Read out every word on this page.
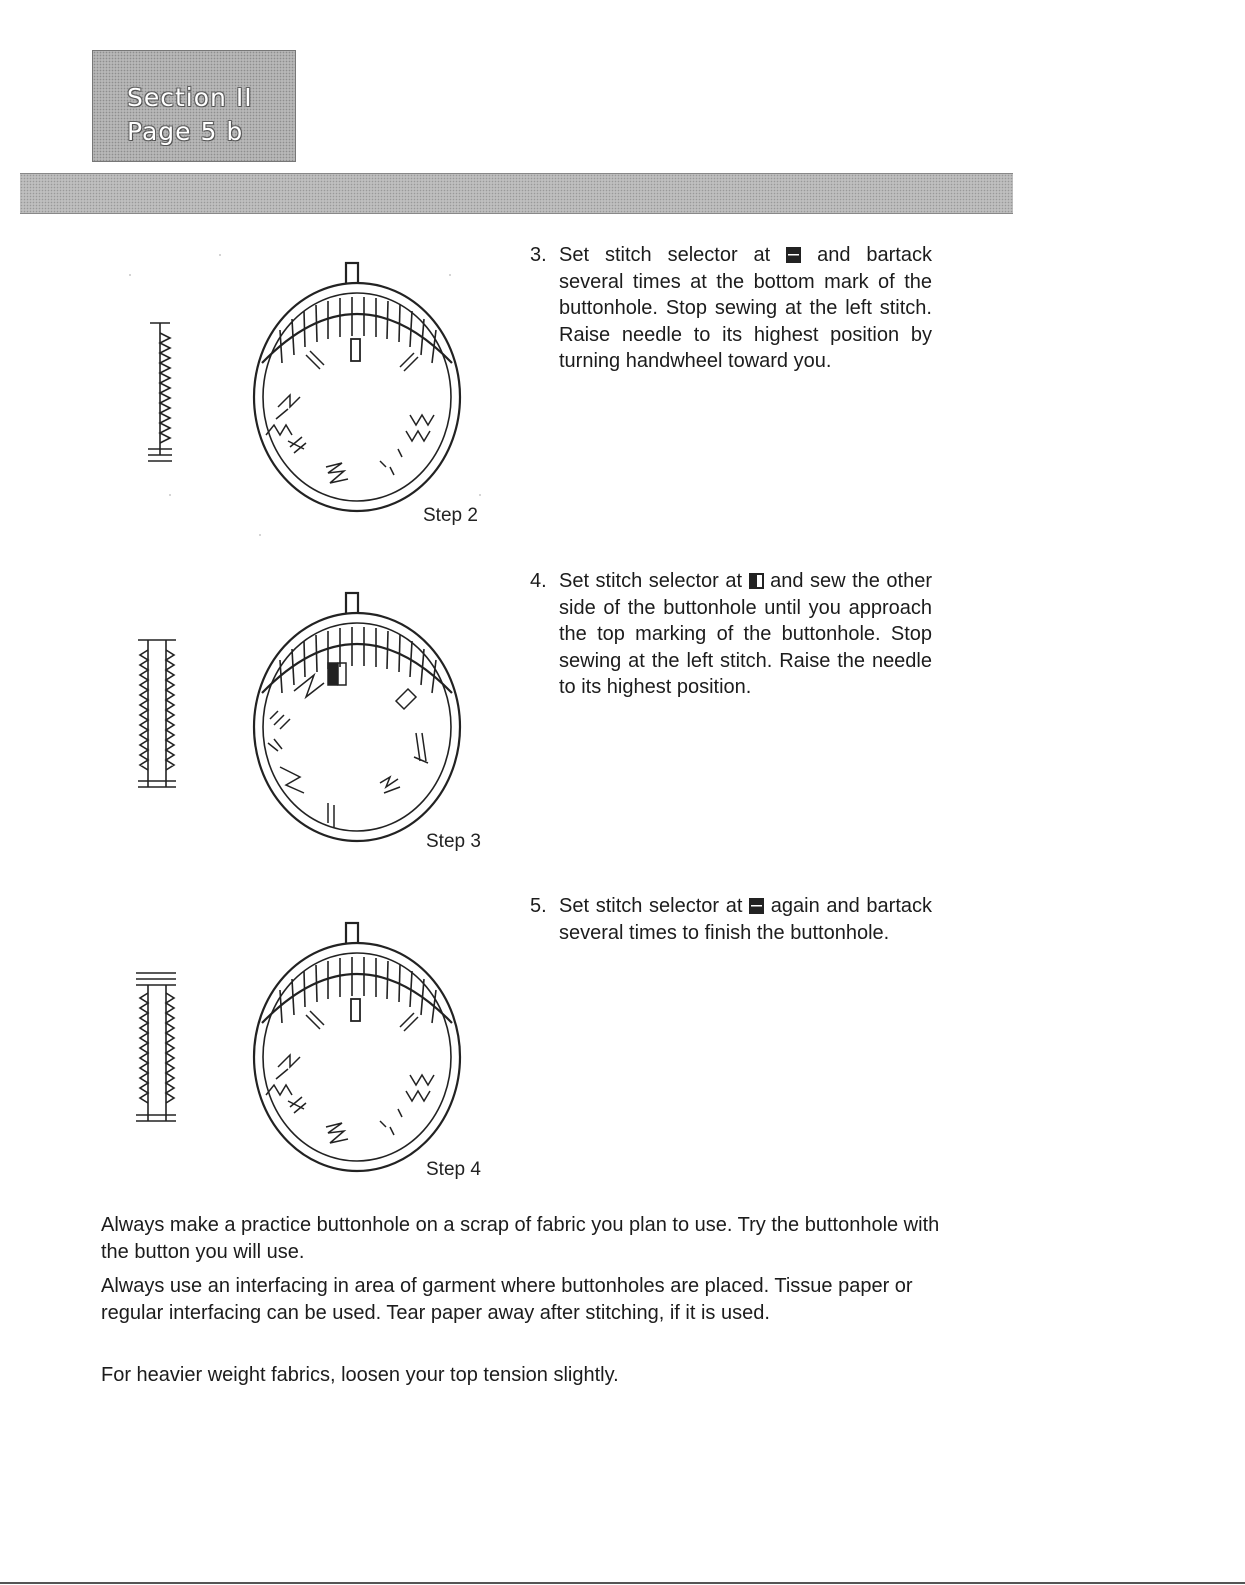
Section II
Page 5 b
Step 2
Step 3
Step 4
3. Set stitch selector at and bartack several times at the bottom mark of the buttonhole. Stop sewing at the left stitch. Raise needle to its highest position by turning handwheel toward you.
4. Set stitch selector at and sew the other side of the buttonhole until you approach the top marking of the buttonhole. Stop sewing at the left stitch. Raise the needle to its highest position.
5. Set stitch selector at again and bartack several times to finish the buttonhole.
Always make a practice buttonhole on a scrap of fabric you plan to use. Try the buttonhole with the button you will use.
Always use an interfacing in area of garment where buttonholes are placed. Tissue paper or regular interfacing can be used. Tear paper away after stitching, if it is used.
For heavier weight fabrics, loosen your top tension slightly.
